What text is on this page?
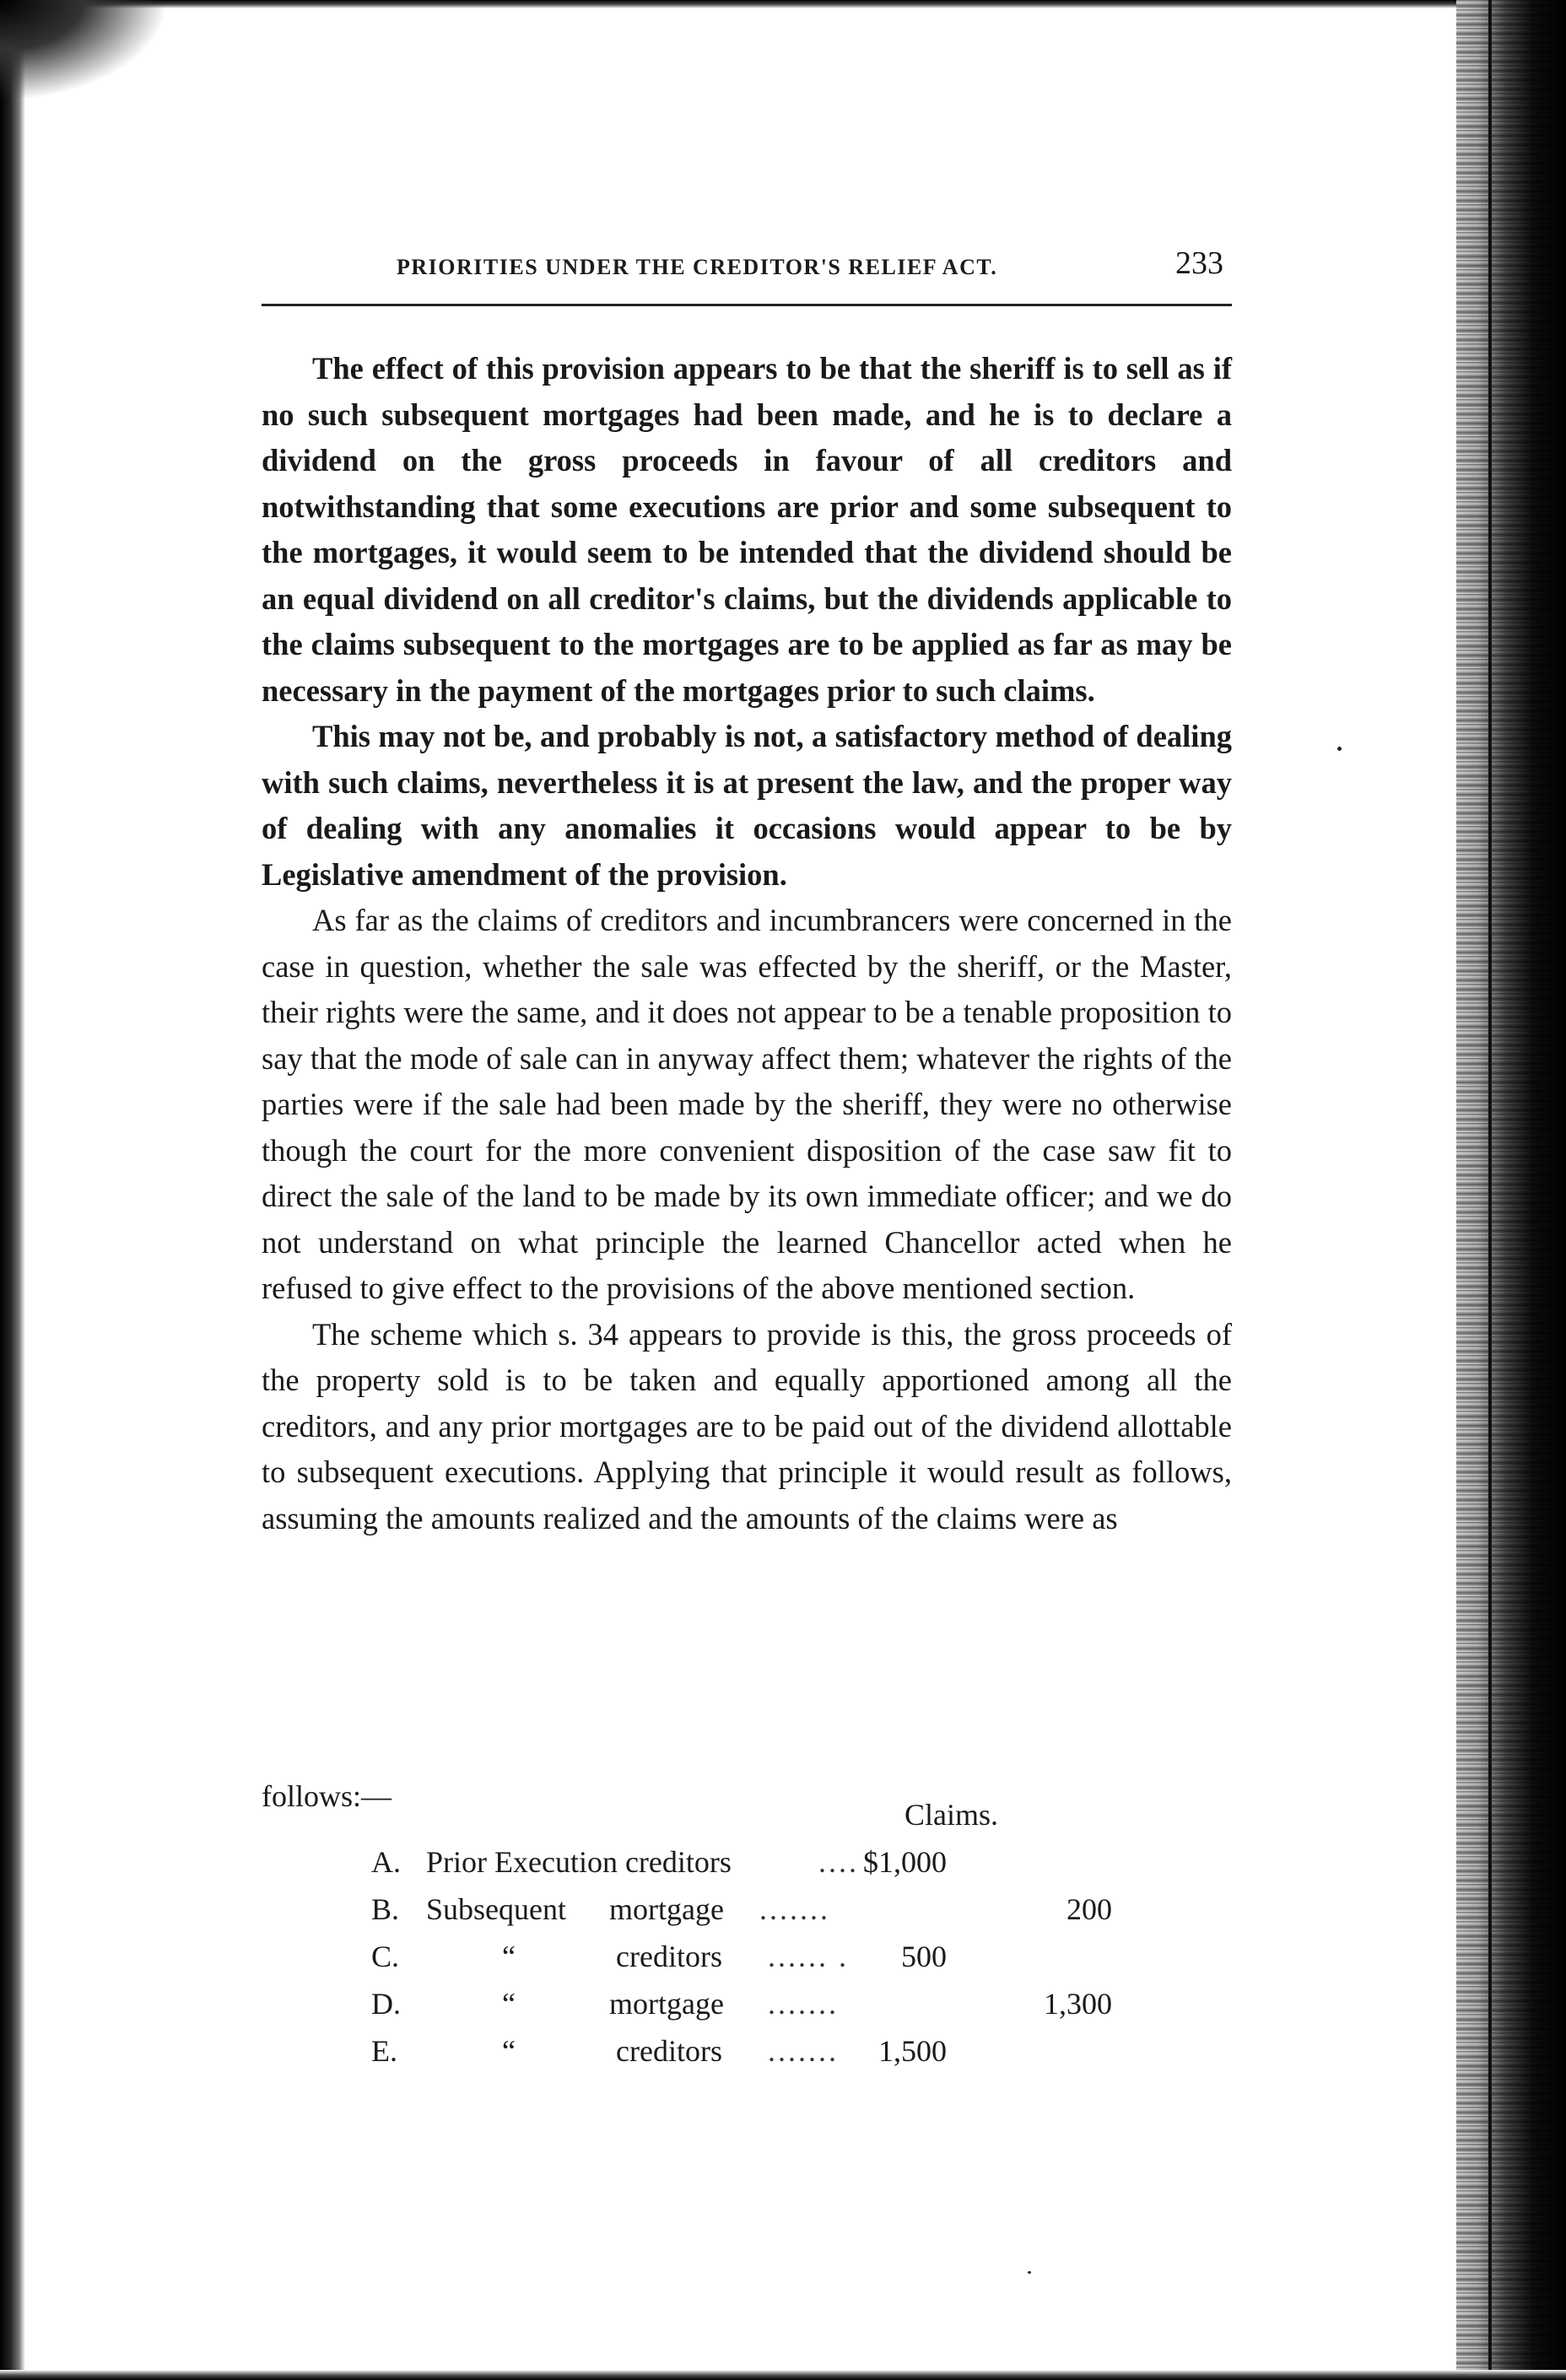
PRIORITIES UNDER THE CREDITOR'S RELIEF ACT.	233

The effect of this provision appears to be that the sheriff is to sell as if no such subsequent mortgages had been made, and he is to declare a dividend on the gross proceeds in favour of all creditors and notwithstanding that some executions are prior and some subsequent to the mortgages, it would seem to be intended that the dividend should be an equal dividend on all creditor's claims, but the dividends applicable to the claims subsequent to the mortgages are to be applied as far as may be necessary in the payment of the mortgages prior to such claims.

This may not be, and probably is not, a satisfactory method of dealing with such claims, nevertheless it is at present the law, and the proper way of dealing with any anomalies it occasions would appear to be by Legislative amendment of the provision.

As far as the claims of creditors and incumbrancers were concerned in the case in question, whether the sale was effected by the sheriff, or the Master, their rights were the same, and it does not appear to be a tenable proposition to say that the mode of sale can in anyway affect them; whatever the rights of the parties were if the sale had been made by the sheriff, they were no otherwise though the court for the more convenient disposition of the case saw fit to direct the sale of the land to be made by its own immediate officer; and we do not understand on what principle the learned Chancellor acted when he refused to give effect to the provisions of the above mentioned section.

The scheme which s. 34 appears to provide is this, the gross proceeds of the property sold is to be taken and equally apportioned among all the creditors, and any prior mortgages are to be paid out of the dividend allottable to subsequent executions. Applying that principle it would result as follows, assuming the amounts realized and the amounts of the claims were as

follows:—
Claims.
A. Prior Execution creditors	.... $1,000
B. Subsequent mortgage .......	200
C.	“	creditors ...... . 500
D.	“	mortgage .......	1,300
E.	“	creditors ....... 1,500
